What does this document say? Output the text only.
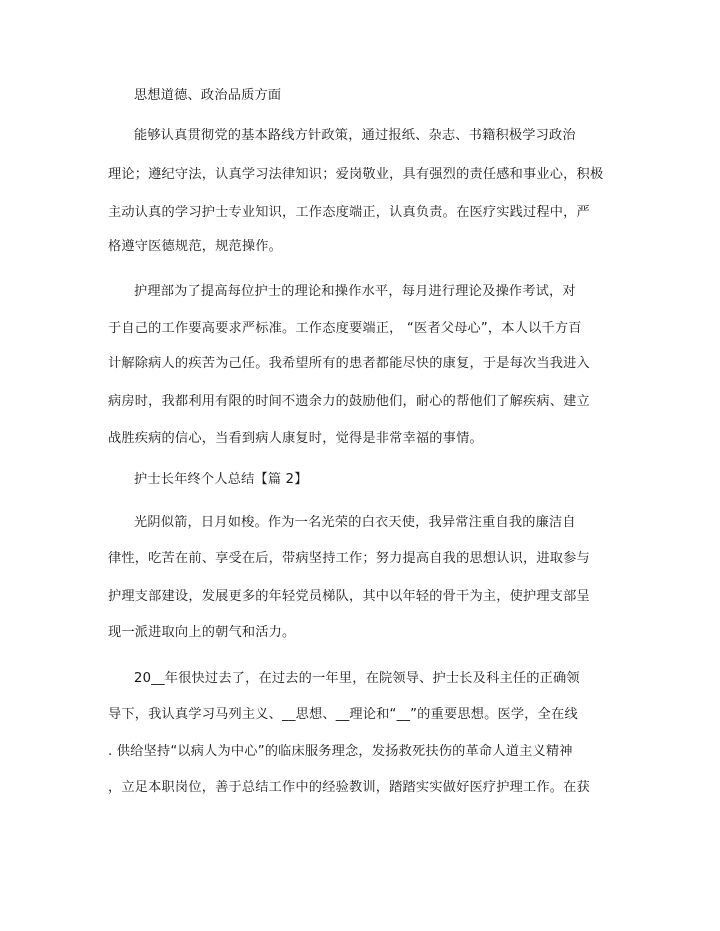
思想道德、政治品质方面
能够认真贯彻党的基本路线方针政策，通过报纸、杂志、书籍积极学习政治
理论；遵纪守法，认真学习法律知识；爱岗敬业，具有强烈的责任感和事业心，积极
主动认真的学习护士专业知识，工作态度端正，认真负责。在医疗实践过程中，严
格遵守医德规范，规范操作。
护理部为了提高每位护士的理论和操作水平，每月进行理论及操作考试，对
于自己的工作要高要求严标准。工作态度要端正， “医者父母心”，本人以千方百
计解除病人的疾苦为己任。我希望所有的患者都能尽快的康复，于是每次当我进入
病房时，我都利用有限的时间不遗余力的鼓励他们，耐心的帮他们了解疾病、建立
战胜疾病的信心，当看到病人康复时，觉得是非常幸福的事情。
护士长年终个人总结【篇 2】
光阴似箭，日月如梭。作为一名光荣的白衣天使，我异常注重自我的廉洁自
律性，吃苦在前、享受在后，带病坚持工作；努力提高自我的思想认识，进取参与
护理支部建设，发展更多的年轻党员梯队，其中以年轻的骨干为主，使护理支部呈
现一派进取向上的朝气和活力。
20__年很快过去了，在过去的一年里，在院领导、护士长及科主任的正确领
导下，我认真学习马列主义、__思想、__理论和“__”的重要思想。医学，全在线
. 供给坚持“以病人为中心”的临床服务理念，发扬救死扶伤的革命人道主义精神
，立足本职岗位，善于总结工作中的经验教训，踏踏实实做好医疗护理工作。在获
